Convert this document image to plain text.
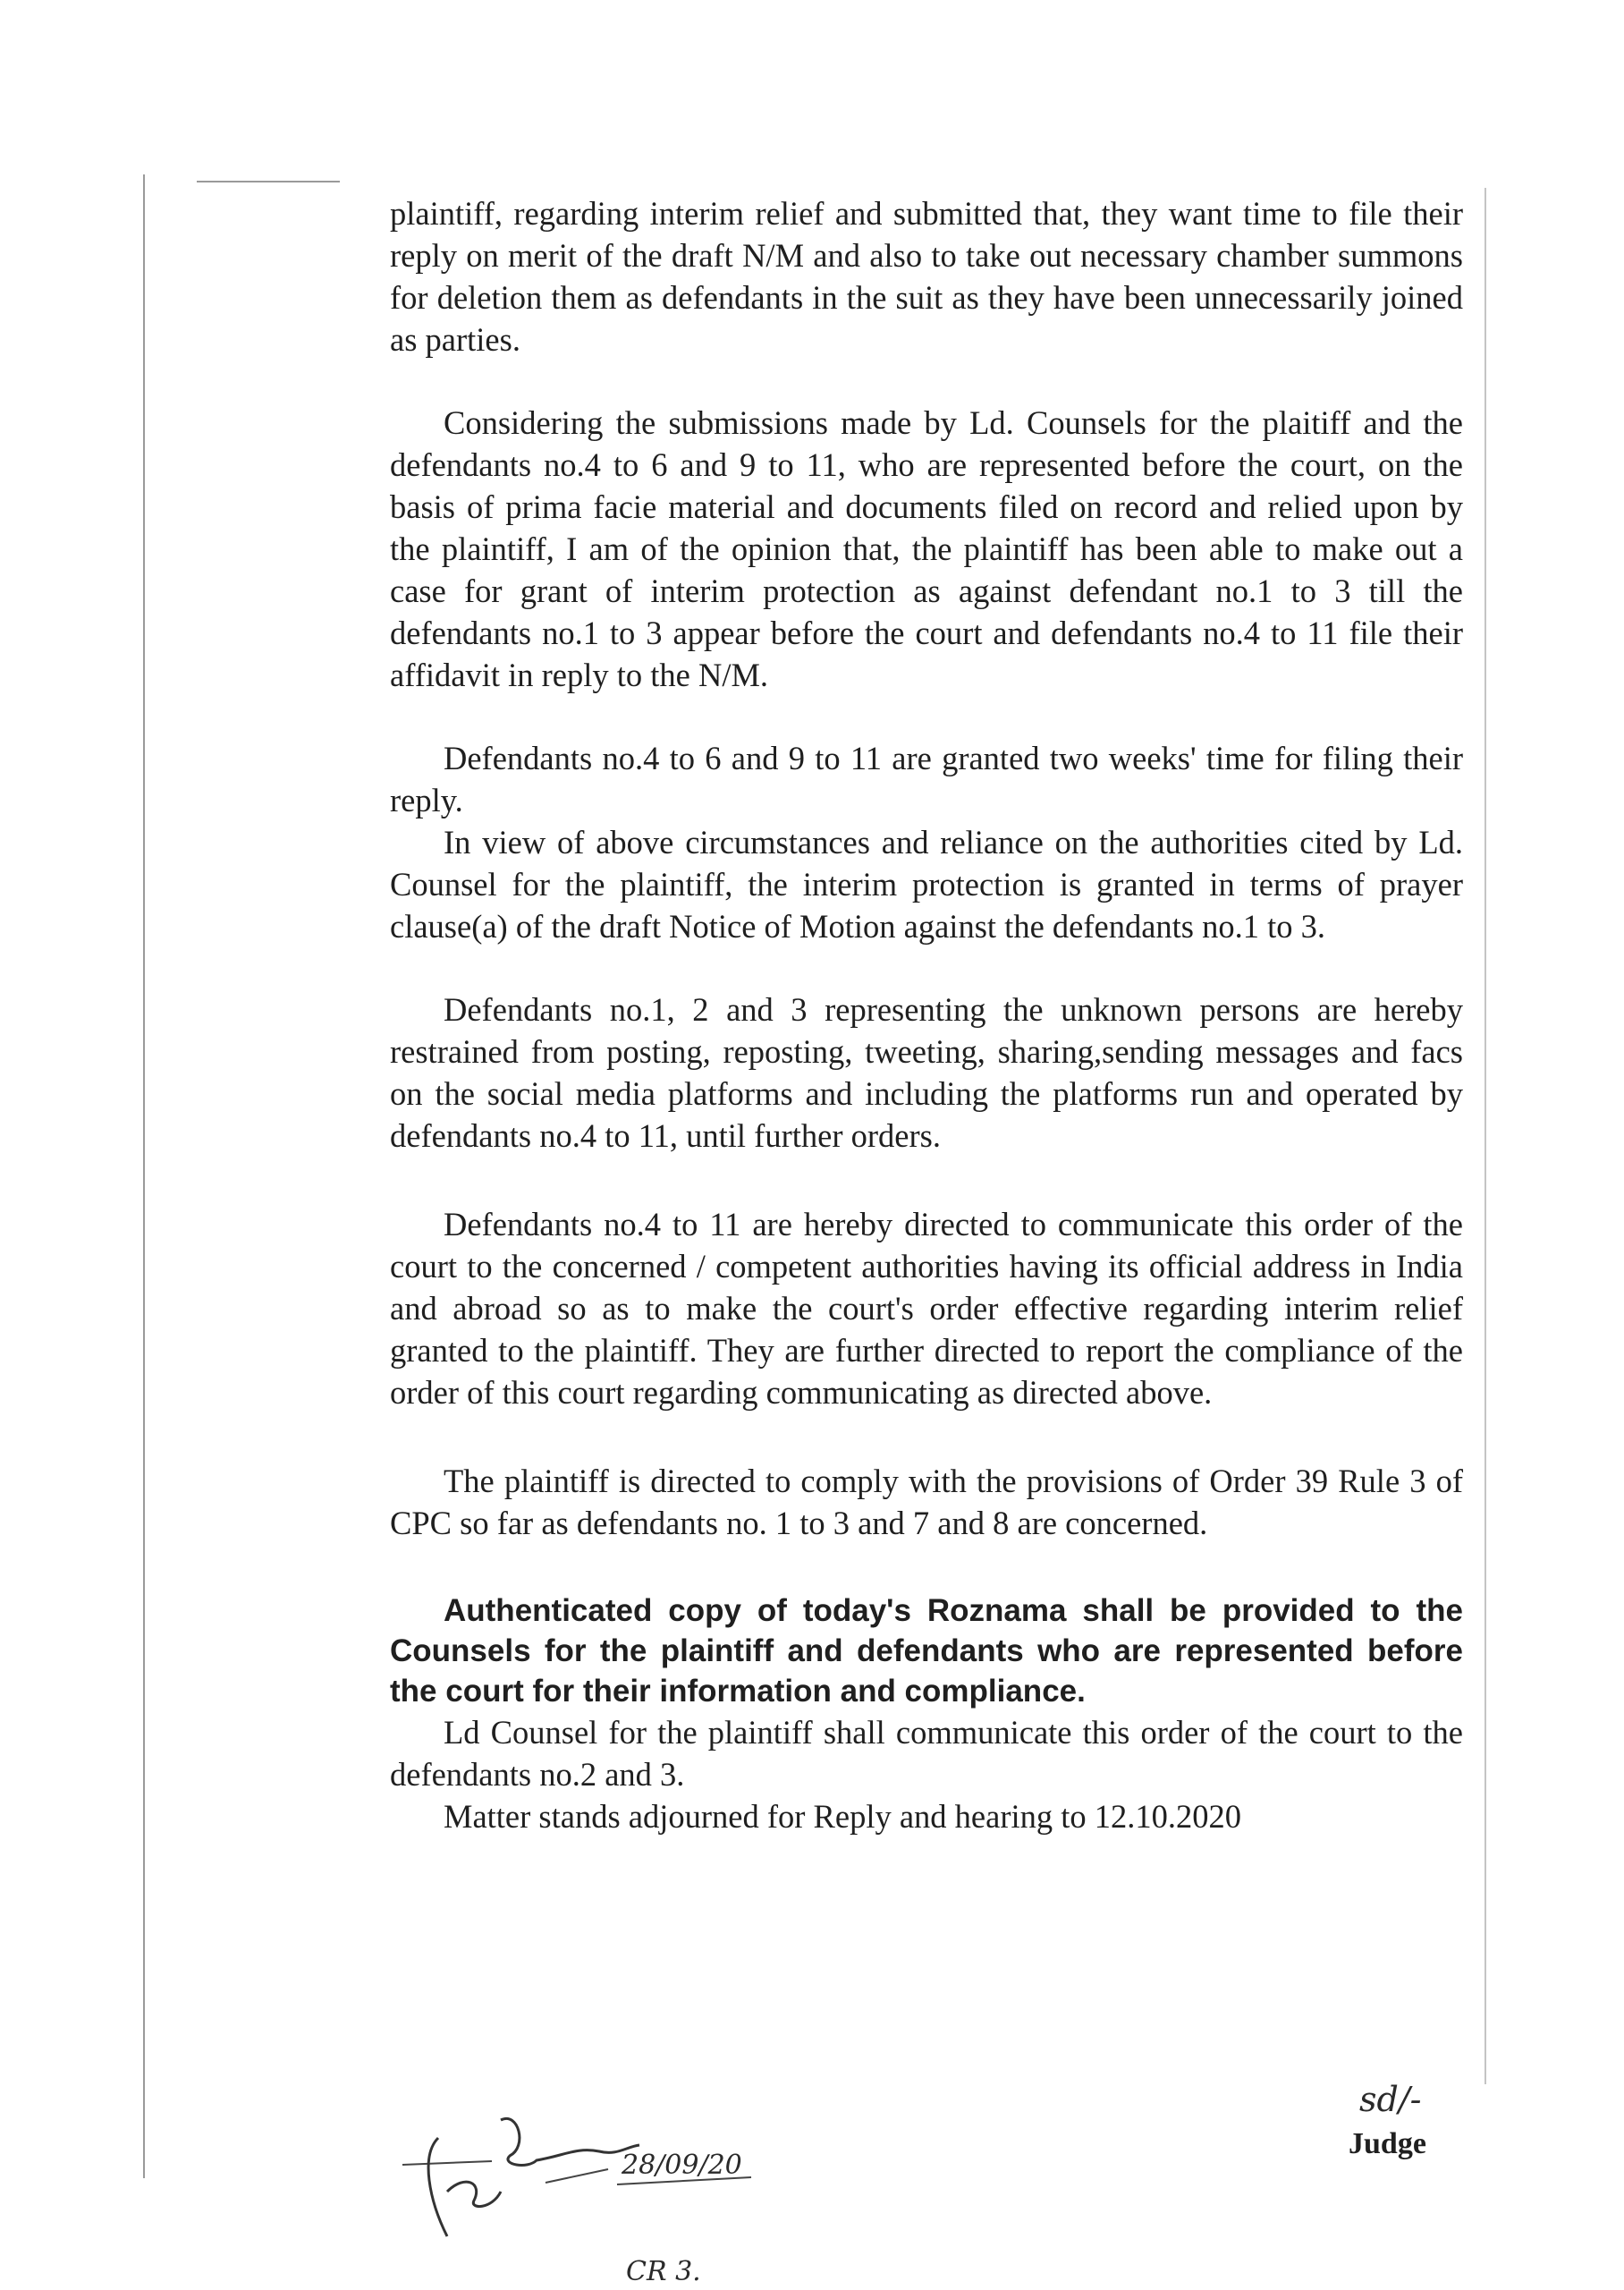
plaintiff, regarding interim relief and submitted that, they want time to file their reply on merit of the draft N/M and also to take out necessary chamber summons for deletion them as defendants in the suit as they have been unnecessarily joined as parties.

Considering the submissions made by Ld. Counsels for the plaitiff and the defendants no.4 to 6 and 9 to 11, who are represented before the court, on the basis of prima facie material and documents filed on record and relied upon by the plaintiff, I am of the opinion that, the plaintiff has been able to make out a case for grant of interim protection as against defendant no.1 to 3 till the defendants no.1 to 3 appear before the court and defendants no.4 to 11 file their affidavit in reply to the N/M.

Defendants no.4 to 6 and 9 to 11 are granted two weeks' time for filing their reply.

In view of above circumstances and reliance on the authorities cited by Ld. Counsel for the plaintiff, the interim protection is granted in terms of prayer clause(a) of the draft Notice of Motion against the defendants no.1 to 3.

Defendants no.1, 2 and 3 representing the unknown persons are hereby restrained from posting, reposting, tweeting, sharing,sending messages and facs on the social media platforms and including the platforms run and operated by defendants no.4 to 11, until further orders.

Defendants no.4 to 11 are hereby directed to communicate this order of the court to the concerned / competent authorities having its official address in India and abroad so as to make the court's order effective regarding interim relief granted to the plaintiff. They are further directed to report the compliance of the order of this court regarding communicating as directed above.

The plaintiff is directed to comply with the provisions of Order 39 Rule 3 of CPC so far as defendants no. 1 to 3 and 7 and 8 are concerned.

Authenticated copy of today's Roznama shall be provided to the Counsels for the plaintiff and defendants who are represented before the court for their information and compliance.

Ld Counsel for the plaintiff shall communicate this order of the court to the defendants no.2 and 3.

Matter stands adjourned for Reply and hearing to 12.10.2020

sd/-
Judge
28/09/20
CR 3.
